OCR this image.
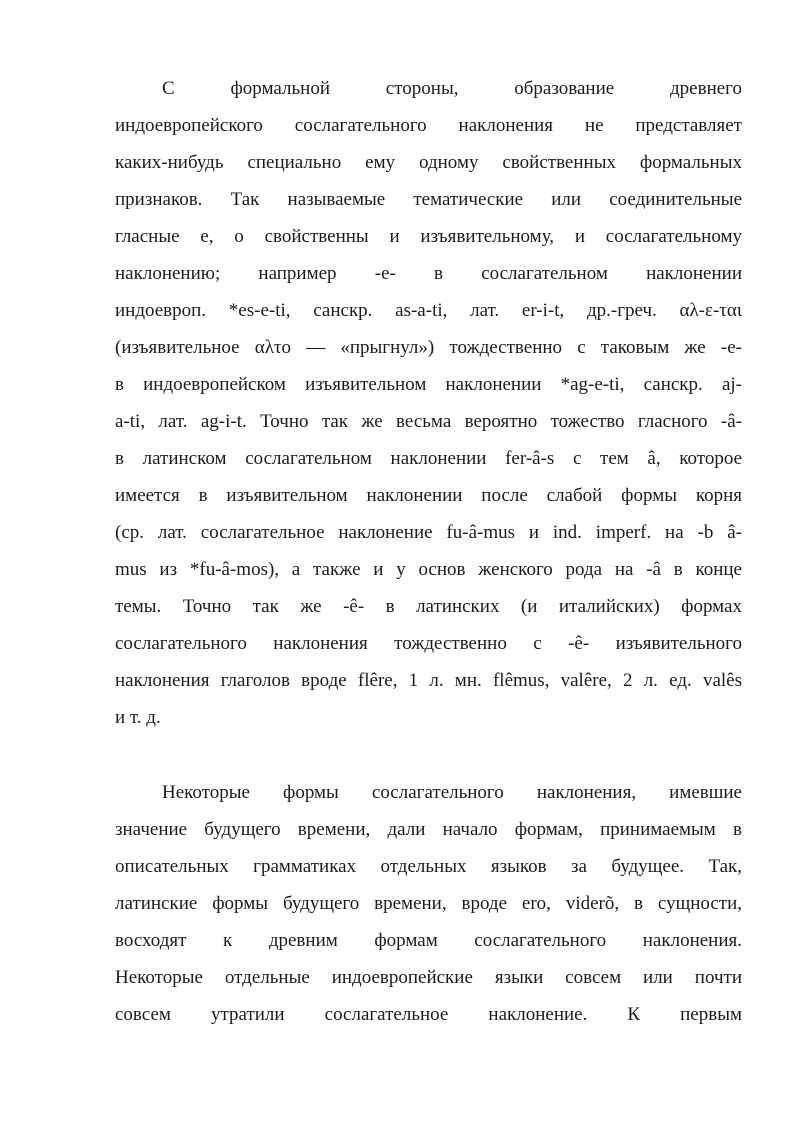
С формальной стороны, образование древнего

индоевропейского сослагательного наклонения не представляет

каких-нибудь специально ему одному свойственных формальных

признаков. Так называемые тематические или соединительные

гласные e, o свойственны и изъявительному, и сослагательному

наклонению; например -e- в сослагательном наклонении

индоевроп. *es-e-ti, санскр. as-a-ti, лат. er-i-t, др.-греч. αλ-ε-ται

(изъявительное αλτο — «прыгнул») тождественно с таковым же -e-

в индоевропейском изъявительном наклонении *ag-e-ti, санскр. aj-

a-ti, лат. ag-i-t. Точно так же весьма вероятно тожество гласного -â-

в латинском сослагательном наклонении fer-â-s с тем â, которое

имеется в изъявительном наклонении после слабой формы корня

(ср. лат. сослагательное наклонение fu-â-mus и ind. imperf. на -b â-

mus из *fu-â-mos), а также и у основ женского рода на -â в конце

темы. Точно так же -ê- в латинских (и италийских) формах

сослагательного наклонения тождественно с -ê- изъявительного

наклонения глаголов вроде flêre, 1 л. мн. flêmus, valêre, 2 л. ед. valês

и т. д.

Некоторые формы сослагательного наклонения, имевшие

значение будущего времени, дали начало формам, принимаемым в

описательных грамматиках отдельных языков за будущее. Так,

латинские формы будущего времени, вроде ero, viderõ, в сущности,

восходят к древним формам сослагательного наклонения.

Некоторые отдельные индоевропейские языки совсем или почти

совсем утратили сослагательное наклонение. К первым
